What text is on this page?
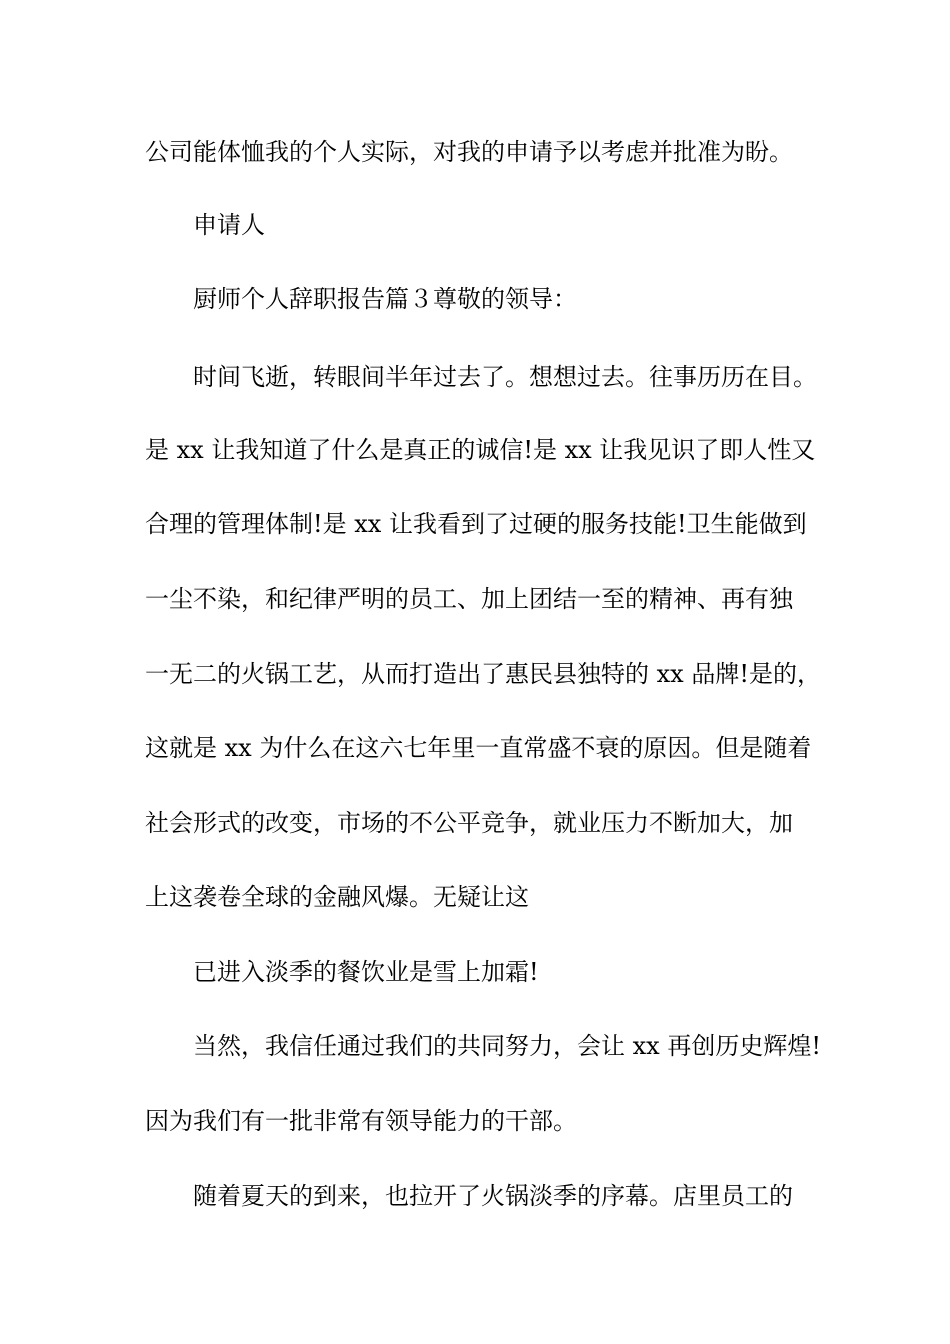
公司能体恤我的个人实际，对我的申请予以考虑并批准为盼。
申请人
厨师个人辞职报告篇３尊敬的领导：
时间飞逝，转眼间半年过去了。想想过去。往事历历在目。
是 xx 让我知道了什么是真正的诚信!是 xx 让我见识了即人性又
合理的管理体制!是 xx 让我看到了过硬的服务技能!卫生能做到
一尘不染，和纪律严明的员工、加上团结一至的精神、再有独
一无二的火锅工艺，从而打造出了惠民县独特的 xx 品牌!是的，
这就是 xx 为什么在这六七年里一直常盛不衰的原因。但是随着
社会形式的改变，市场的不公平竞争，就业压力不断加大，加
上这袭卷全球的金融风爆。无疑让这
已进入淡季的餐饮业是雪上加霜!
当然，我信任通过我们的共同努力，会让 xx 再创历史辉煌!
因为我们有一批非常有领导能力的干部。
随着夏天的到来，也拉开了火锅淡季的序幕。店里员工的
